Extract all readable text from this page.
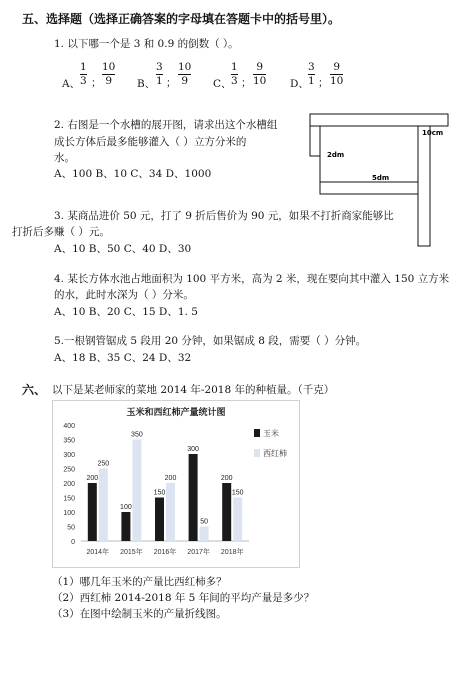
五、选择题（选择正确答案的字母填在答题卡中的括号里）。
1. 以下哪一个是 3 和 0.9 的倒数（ ）。
A、
1
3 ；
10
9 B、
3
1 ；
10
9 C、
1
3 ；
9
10 D、
3
1 ；
9
10
2. 右图是一个水槽的展开图，请求出这个水槽组
成长方体后最多能够灌入（ ）立方分米的
水。
A、100 B、10 C、34 D、1000
10cm
2dm
5dm
3. 某商品进价 50 元，打了 9 折后售价为 90 元，如果不打折商家能够比
打折后多赚（ ）元。
A、10 B、50 C、40 D、30
4. 某长方体水池占地面积为 100 平方米，高为 2 米，现在要向其中灌入 150 立方米
的水，此时水深为（ ）分米。
A、10 B、20 C、15 D、1. 5
5.一根钢管锯成 5 段用 20 分钟，如果锯成 8 段，需要（ ）分钟。
A、18 B、35 C、24 D、32
六、 以下是某老师家的菜地 2014 年-2018 年的种植量。（千克）
玉米和西红柿产量统计图
0
50
100
150
200
250
300
350
400
200
250
2014年
100
350
2015年
150
200
2016年
300
50
2017年
200
150
2018年
玉米
西红柿
（1）哪几年玉米的产量比西红柿多？
（2）西红柿 2014-2018 年 5 年间的平均产量是多少？
（3）在图中绘制玉米的产量折线图。
